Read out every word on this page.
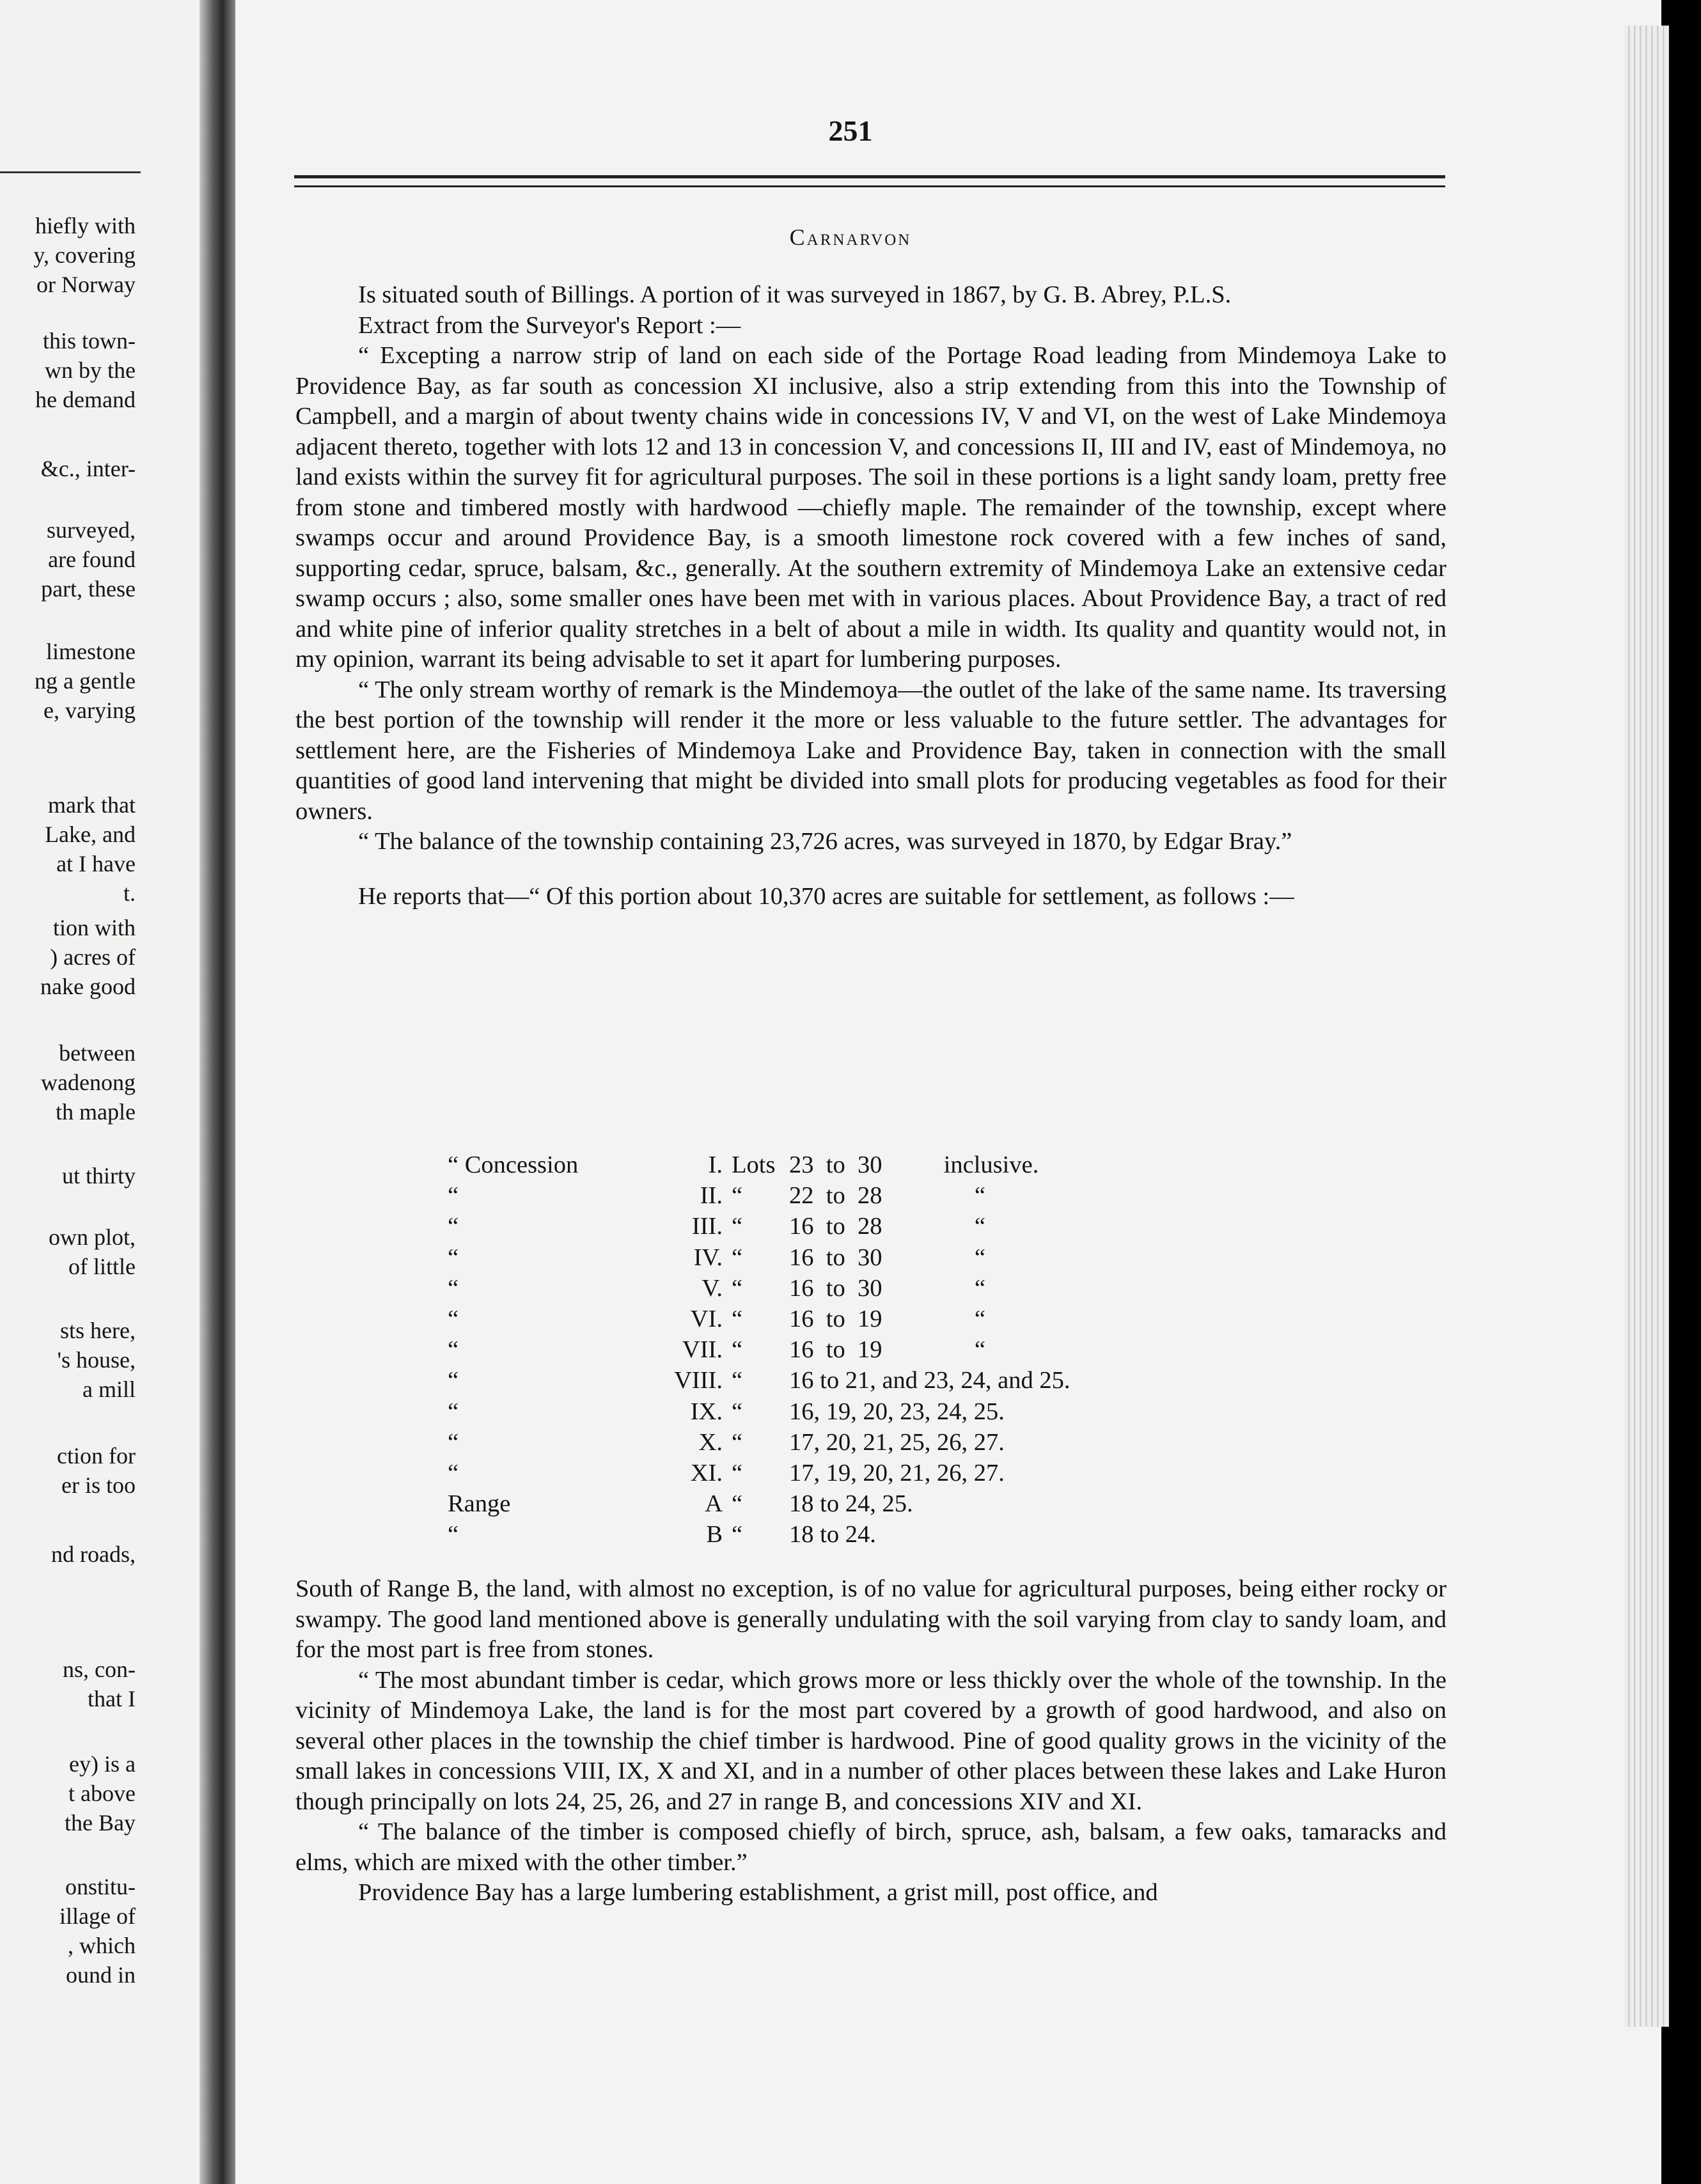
hiefly with
y, covering
or Norway
this town-
wn by the
he demand
&c., inter-
surveyed,
are found
part, these
limestone
ng a gentle
e, varying
mark that
Lake, and
at I have
t.
tion with
) acres of
nake good
between
wadenong
th maple
ut thirty
own plot,
of little
sts here,
's house,
a mill
ction for
er is too
nd roads,
ns, con-
that I
ey) is a
t above
the Bay
onstitu-
illage of
, which
ound in
251
Carnarvon

Is situated south of Billings. A portion of it was surveyed in 1867, by G. B. Abrey, P.L.S.

Extract from the Surveyor's Report :—

“ Excepting a narrow strip of land on each side of the Portage Road leading from Mindemoya Lake to Providence Bay, as far south as concession XI inclusive, also a strip extending from this into the Township of Campbell, and a margin of about twenty chains wide in concessions IV, V and VI, on the west of Lake Mindemoya adjacent thereto, together with lots 12 and 13 in concession V, and concessions II, III and IV, east of Mindemoya, no land exists within the survey fit for agricultural purposes. The soil in these portions is a light sandy loam, pretty free from stone and timbered mostly with hardwood —chiefly maple. The remainder of the township, except where swamps occur and around Providence Bay, is a smooth limestone rock covered with a few inches of sand, supporting cedar, spruce, balsam, &c., generally. At the southern extremity of Mindemoya Lake an extensive cedar swamp occurs ; also, some smaller ones have been met with in various places. About Providence Bay, a tract of red and white pine of inferior quality stretches in a belt of about a mile in width. Its quality and quantity would not, in my opinion, warrant its being advisable to set it apart for lumbering purposes.

“ The only stream worthy of remark is the Mindemoya—the outlet of the lake of the same name. Its traversing the best portion of the township will render it the more or less valuable to the future settler. The advantages for settlement here, are the Fisheries of Mindemoya Lake and Providence Bay, taken in connection with the small quantities of good land intervening that might be divided into small plots for producing vegetables as food for their owners.

“ The balance of the township containing 23,726 acres, was surveyed in 1870, by Edgar Bray.”

He reports that—“ Of this portion about 10,370 acres are suitable for settlement, as follows :—

“ Concession	I.	Lots	23  to  30          inclusive.
“	II.	“	22  to  28               “
“	III.	“	16  to  28               “
“	IV.	“	16  to  30               “
“	V.	“	16  to  30               “
“	VI.	“	16  to  19               “
“	VII.	“	16  to  19               “
“	VIII.	“	16 to 21, and 23, 24, and 25.
“	IX.	“	16, 19, 20, 23, 24, 25.
“	X.	“	17, 20, 21, 25, 26, 27.
“	XI.	“	17, 19, 20, 21, 26, 27.
Range	A	“	18 to 24, 25.
“	B	“	18 to 24.

South of Range B, the land, with almost no exception, is of no value for agricultural purposes, being either rocky or swampy. The good land mentioned above is generally undulating with the soil varying from clay to sandy loam, and for the most part is free from stones.

“ The most abundant timber is cedar, which grows more or less thickly over the whole of the township. In the vicinity of Mindemoya Lake, the land is for the most part covered by a growth of good hardwood, and also on several other places in the township the chief timber is hardwood. Pine of good quality grows in the vicinity of the small lakes in concessions VIII, IX, X and XI, and in a number of other places between these lakes and Lake Huron though principally on lots 24, 25, 26, and 27 in range B, and concessions XIV and XI.

“ The balance of the timber is composed chiefly of birch, spruce, ash, balsam, a few oaks, tamaracks and elms, which are mixed with the other timber.”

Providence Bay has a large lumbering establishment, a grist mill, post office, and
